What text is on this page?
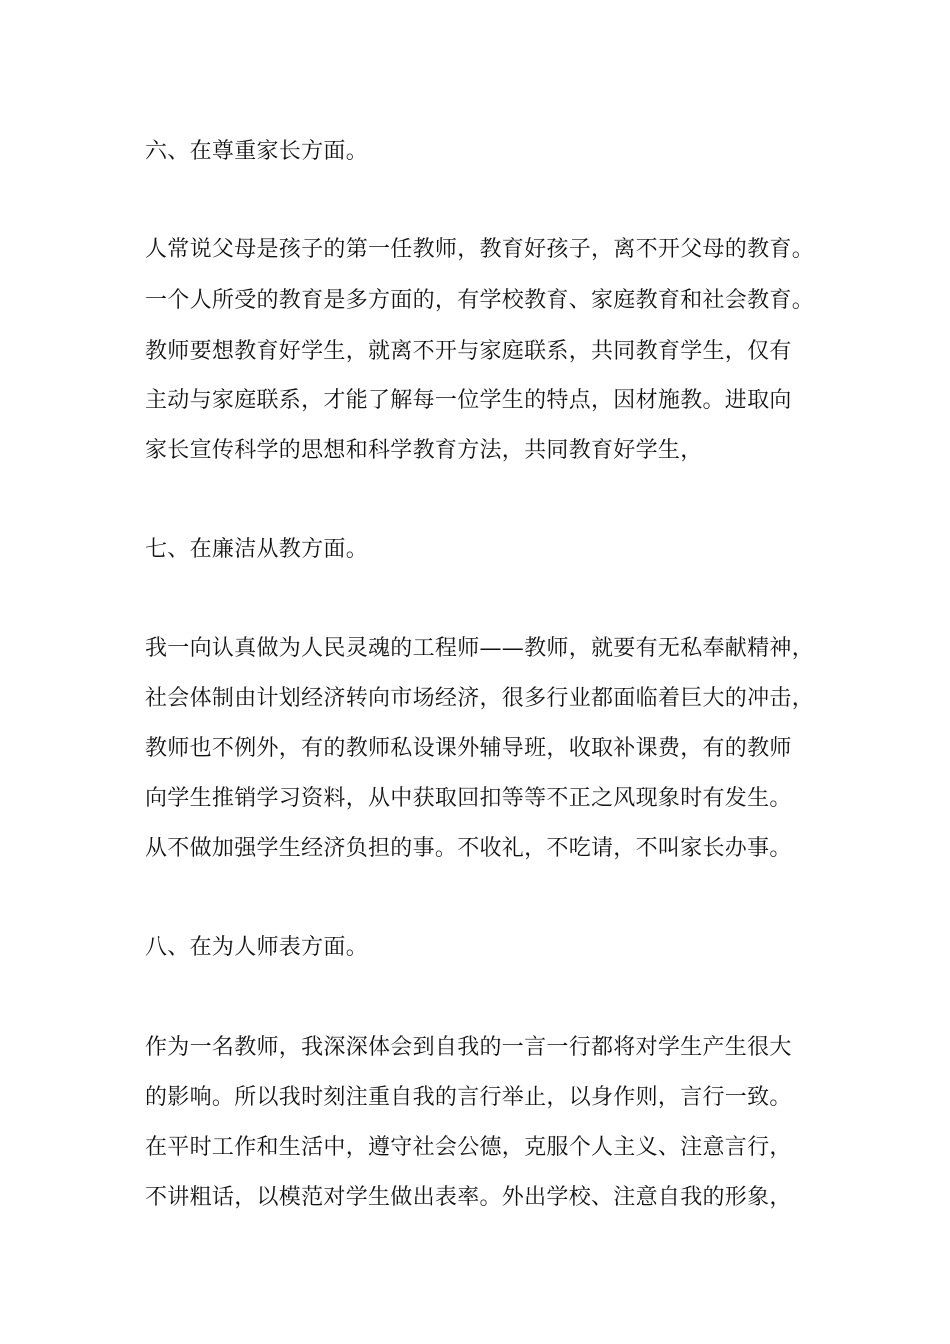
六、在尊重家长方面。
人常说父母是孩子的第一任教师，教育好孩子，离不开父母的教育。
一个人所受的教育是多方面的，有学校教育、家庭教育和社会教育。
教师要想教育好学生，就离不开与家庭联系，共同教育学生，仅有
主动与家庭联系，才能了解每一位学生的特点，因材施教。进取向
家长宣传科学的思想和科学教育方法，共同教育好学生，
七、在廉洁从教方面。
我一向认真做为人民灵魂的工程师——教师，就要有无私奉献精神，
社会体制由计划经济转向市场经济，很多行业都面临着巨大的冲击，
教师也不例外，有的教师私设课外辅导班，收取补课费，有的教师
向学生推销学习资料，从中获取回扣等等不正之风现象时有发生。
从不做加强学生经济负担的事。不收礼，不吃请，不叫家长办事。
八、在为人师表方面。
作为一名教师，我深深体会到自我的一言一行都将对学生产生很大
的影响。所以我时刻注重自我的言行举止，以身作则，言行一致。
在平时工作和生活中，遵守社会公德，克服个人主义、注意言行，
不讲粗话，以模范对学生做出表率。外出学校、注意自我的形象，
